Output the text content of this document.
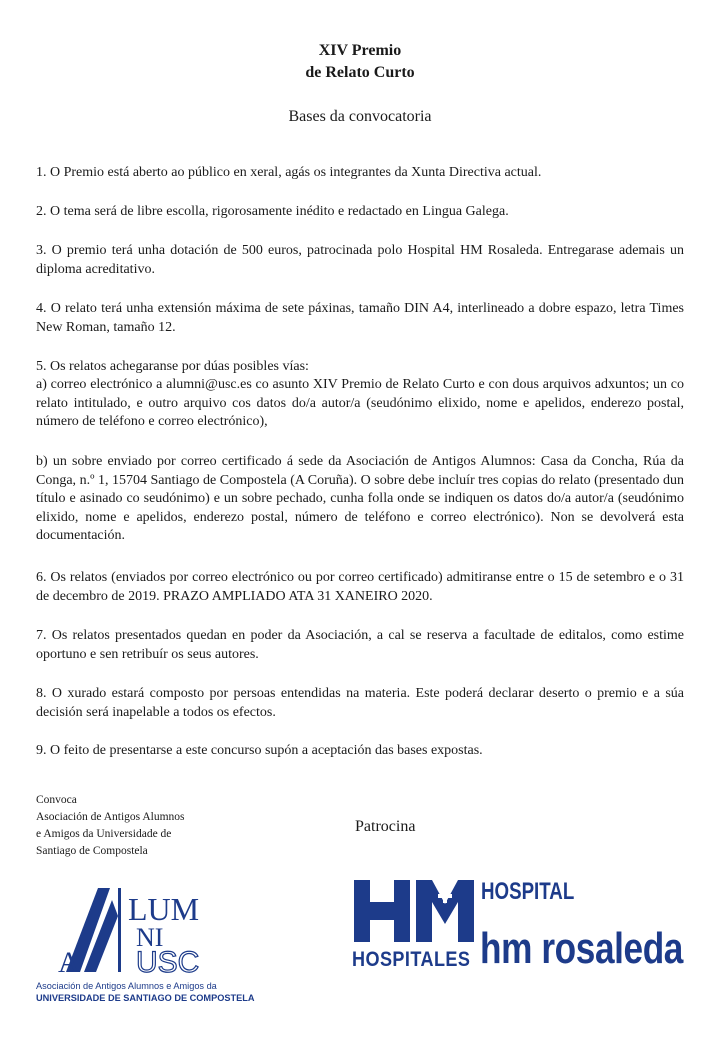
XIV Premio
de Relato Curto
Bases da convocatoria

1. O Premio está aberto ao público en xeral, agás os integrantes da Xunta Directiva actual.

2. O tema será de libre escolla, rigorosamente inédito e redactado en Lingua Galega.

3. O premio terá unha dotación de 500 euros, patrocinada polo Hospital HM Rosaleda. Entregarase ademais un diploma acreditativo.

4. O relato terá unha extensión máxima de sete páxinas, tamaño DIN A4, interlineado a dobre espazo, letra Times New Roman, tamaño 12.

5. Os relatos achegaranse por dúas posibles vías:

a) correo electrónico a alumni@usc.es co asunto XIV Premio de Relato Curto e con dous arquivos adxuntos; un co relato intitulado, e outro arquivo cos datos do/a autor/a (seudónimo elixido, nome e apelidos, enderezo postal, número de teléfono e correo electrónico),

b) un sobre enviado por correo certificado á sede da Asociación de Antigos Alumnos: Casa da Concha, Rúa da Conga, n.º 1, 15704 Santiago de Compostela (A Coruña). O sobre debe incluír tres copias do relato (presentado dun título e asinado co seudónimo) e un sobre pechado, cunha folla onde se indiquen os datos do/a autor/a (seudónimo elixido, nome e apelidos, enderezo postal, número de teléfono e correo electrónico). Non se devolverá esta documentación.

6. Os relatos (enviados por correo electrónico ou por correo certificado) admitiranse entre o 15 de setembro e o 31 de decembro de 2019. PRAZO AMPLIADO ATA 31 XANEIRO 2020.

7. Os relatos presentados quedan en poder da Asociación, a cal se reserva a facultade de editalos, como estime oportuno e sen retribuír os seus autores.

8. O xurado estará composto por persoas entendidas na materia. Este poderá declarar deserto o premio e a súa decisión será inapelable a todos os efectos.

9. O feito de presentarse a este concurso supón a aceptación das bases expostas.

Convoca
Asociación de Antigos Alumnos
e Amigos da Universidade de
Santiago de Compostela
Patrocina
LUM
NI
A USC
Asociación de Antigos Alumnos e Amigos da
UNIVERSIDADE DE SANTIAGO DE COMPOSTELA
HOSPITALES
HOSPITAL
hm rosaleda
